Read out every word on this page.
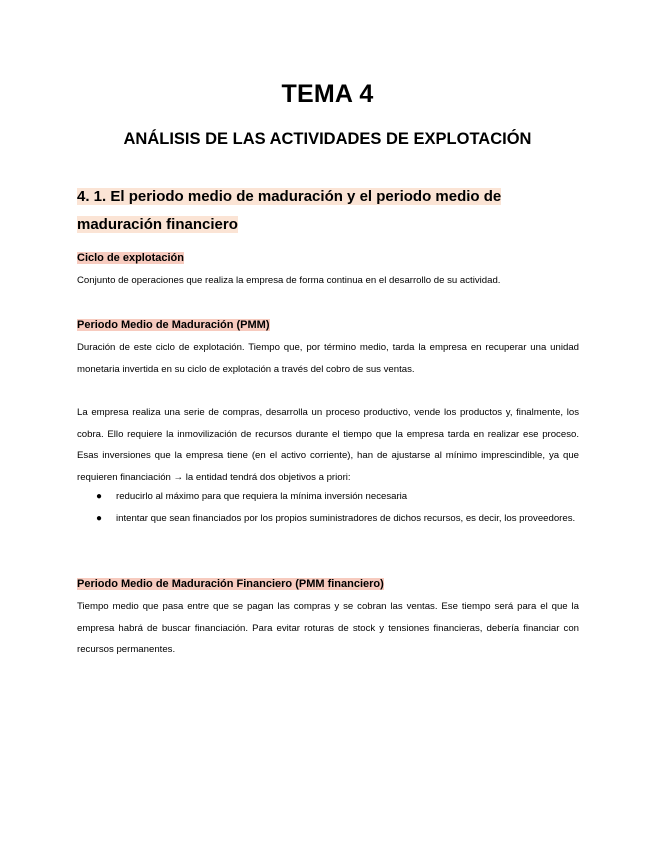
TEMA 4
ANÁLISIS DE LAS ACTIVIDADES DE EXPLOTACIÓN
4. 1. El periodo medio de maduración y el periodo medio de maduración financiero
Ciclo de explotación
Conjunto de operaciones que realiza la empresa de forma continua en el desarrollo de su actividad.
Periodo Medio de Maduración (PMM)
Duración de este ciclo de explotación. Tiempo que, por término medio, tarda la empresa en recuperar una unidad monetaria invertida en su ciclo de explotación a través del cobro de sus ventas.
La empresa realiza una serie de compras, desarrolla un proceso productivo, vende los productos y, finalmente, los cobra. Ello requiere la inmovilización de recursos durante el tiempo que la empresa tarda en realizar ese proceso. Esas inversiones que la empresa tiene (en el activo corriente), han de ajustarse al mínimo imprescindible, ya que requieren financiación → la entidad tendrá dos objetivos a priori:
● reducirlo al máximo para que requiera la mínima inversión necesaria
● intentar que sean financiados por los propios suministradores de dichos recursos, es decir, los proveedores.
Periodo Medio de Maduración Financiero (PMM financiero)
Tiempo medio que pasa entre que se pagan las compras y se cobran las ventas. Ese tiempo será para el que la empresa habrá de buscar financiación. Para evitar roturas de stock y tensiones financieras, debería financiar con recursos permanentes.
